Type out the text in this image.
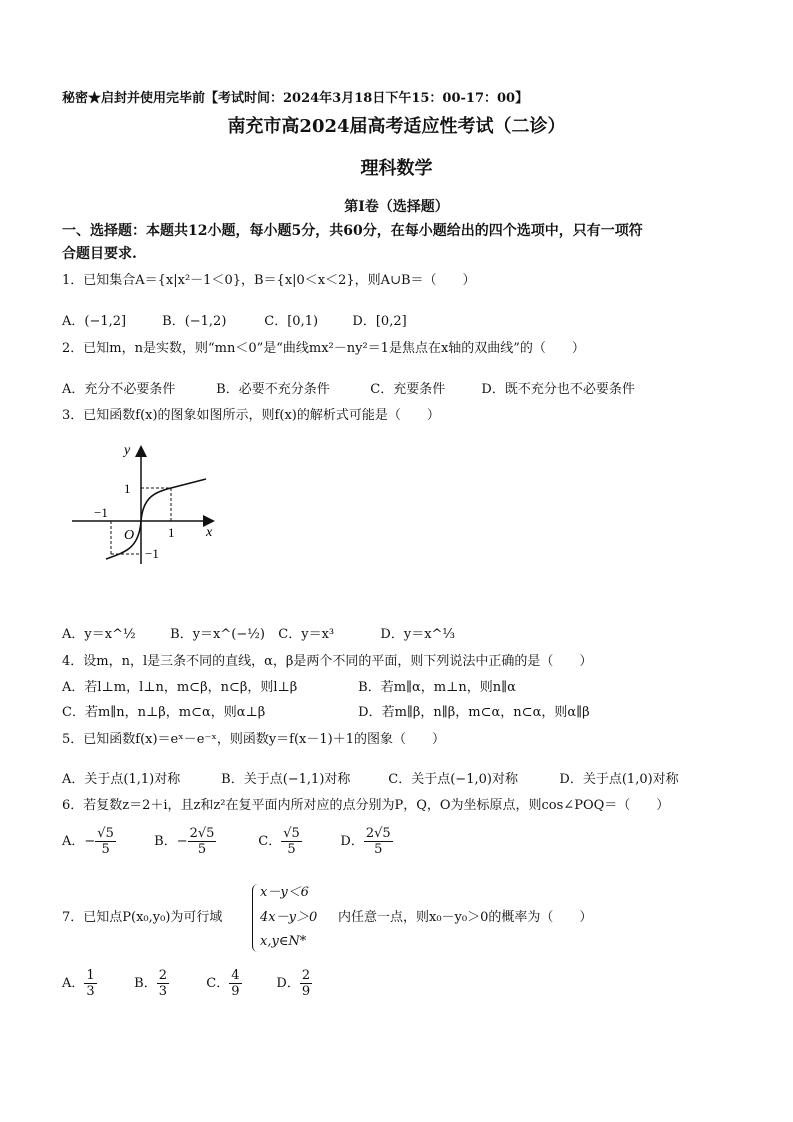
秘密★启封并使用完毕前【考试时间：2024年3月18日下午15：00-17：00】
南充市高2024届高考适应性考试（二诊）
理科数学
第Ⅰ卷（选择题）
一、选择题：本题共12小题，每小题5分，共60分，在每小题给出的四个选项中，只有一项符
合题目要求.
1．已知集合A＝{x|x²－1＜0}，B＝{x|0＜x＜2}，则A∪B＝（　　）
A．(−1,2]	B．(−1,2)	C．[0,1)	D．[0,2]
2．已知m，n是实数，则“mn＜0”是“曲线mx²－ny²＝1是焦点在x轴的双曲线”的（　　）
A．充分不必要条件	B．必要不充分条件	C．充要条件	D．既不充分也不必要条件
3．已知函数f(x)的图象如图所示，则f(x)的解析式可能是（　　）
y
x
1
−1
−1
1
O
A．y＝x^½	B．y＝x^(−½) C．y＝x³	D．y＝x^⅓
4．设m，n，l是三条不同的直线，α，β是两个不同的平面，则下列说法中正确的是（　　）
A．若l⊥m，l⊥n，m⊂β，n⊂β，则l⊥β	B．若m∥α，m⊥n，则n∥α
C．若m∥n，n⊥β，m⊂α，则α⊥β	D．若m∥β，n∥β，m⊂α，n⊂α，则α∥β
5．已知函数f(x)＝eˣ－e⁻ˣ，则函数y＝f(x－1)＋1的图象（　　）
A．关于点(1,1)对称	B．关于点(−1,1)对称	C．关于点(−1,0)对称	D．关于点(1,0)对称
6．若复数z＝2＋i，且z和z²在复平面内所对应的点分别为P，Q，O为坐标原点，则cos∠POQ＝（　　）
A．− $\frac{√5}{5}$	B．− $\frac{2√5}{5}$	C． $\frac{√5}{5}$	D． $\frac{2√5}{5}$
7．已知点P(x₀,y₀)为可行域
x－y＜6
4x－y＞0
x,y∈N*
内任意一点，则x₀－y₀＞0的概率为（　　）
A． $\frac{1}{3}$	B． $\frac{2}{3}$	C． $\frac{4}{9}$	D． $\frac{2}{9}$
